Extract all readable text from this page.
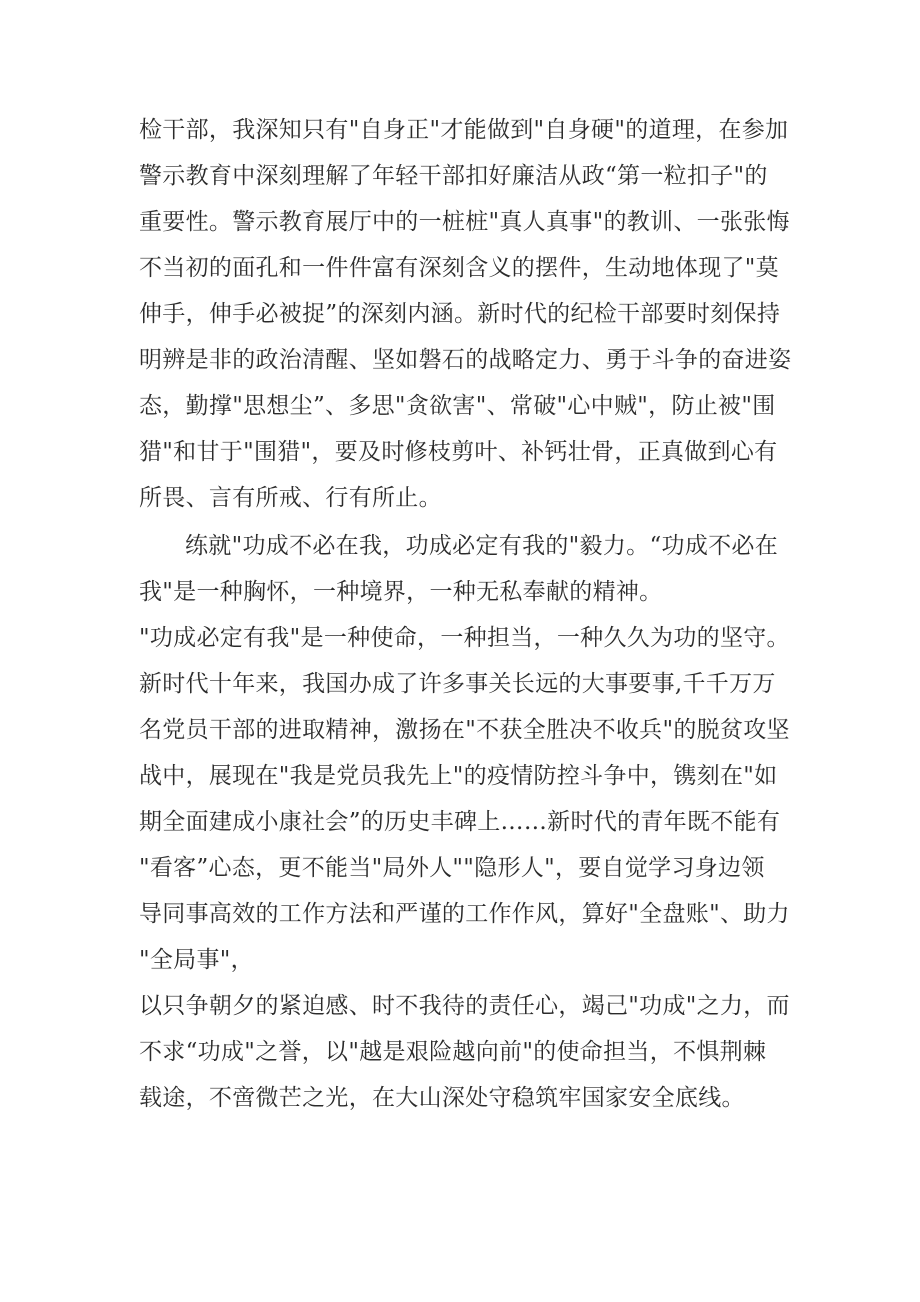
检干部，我深知只有"自身正"才能做到"自身硬"的道理，在参加
警示教育中深刻理解了年轻干部扣好廉洁从政“第一粒扣子"的
重要性。警示教育展厅中的一桩桩"真人真事"的教训、一张张悔
不当初的面孔和一件件富有深刻含义的摆件，生动地体现了"莫
伸手，伸手必被捉”的深刻内涵。新时代的纪检干部要时刻保持
明辨是非的政治清醒、坚如磐石的战略定力、勇于斗争的奋进姿
态，勤撑"思想尘”、多思"贪欲害"、常破"心中贼"，防止被"围
猎"和甘于"围猎"，要及时修枝剪叶、补钙壮骨，正真做到心有
所畏、言有所戒、行有所止。
练就"功成不必在我，功成必定有我的"毅力。“功成不必在
我"是一种胸怀，一种境界，一种无私奉献的精神。
"功成必定有我"是一种使命，一种担当，一种久久为功的坚守。
新时代十年来，我国办成了许多事关长远的大事要事,千千万万
名党员干部的进取精神，激扬在"不获全胜决不收兵"的脱贫攻坚
战中，展现在"我是党员我先上"的疫情防控斗争中，镌刻在"如
期全面建成小康社会”的历史丰碑上……新时代的青年既不能有
"看客”心态，更不能当"局外人""隐形人"，要自觉学习身边领
导同事高效的工作方法和严谨的工作作风，算好"全盘账"、助力
"全局事"，
以只争朝夕的紧迫感、时不我待的责任心，竭己"功成"之力，而
不求“功成"之誉，以"越是艰险越向前"的使命担当，不惧荆棘
载途，不啻微芒之光，在大山深处守稳筑牢国家安全底线。
